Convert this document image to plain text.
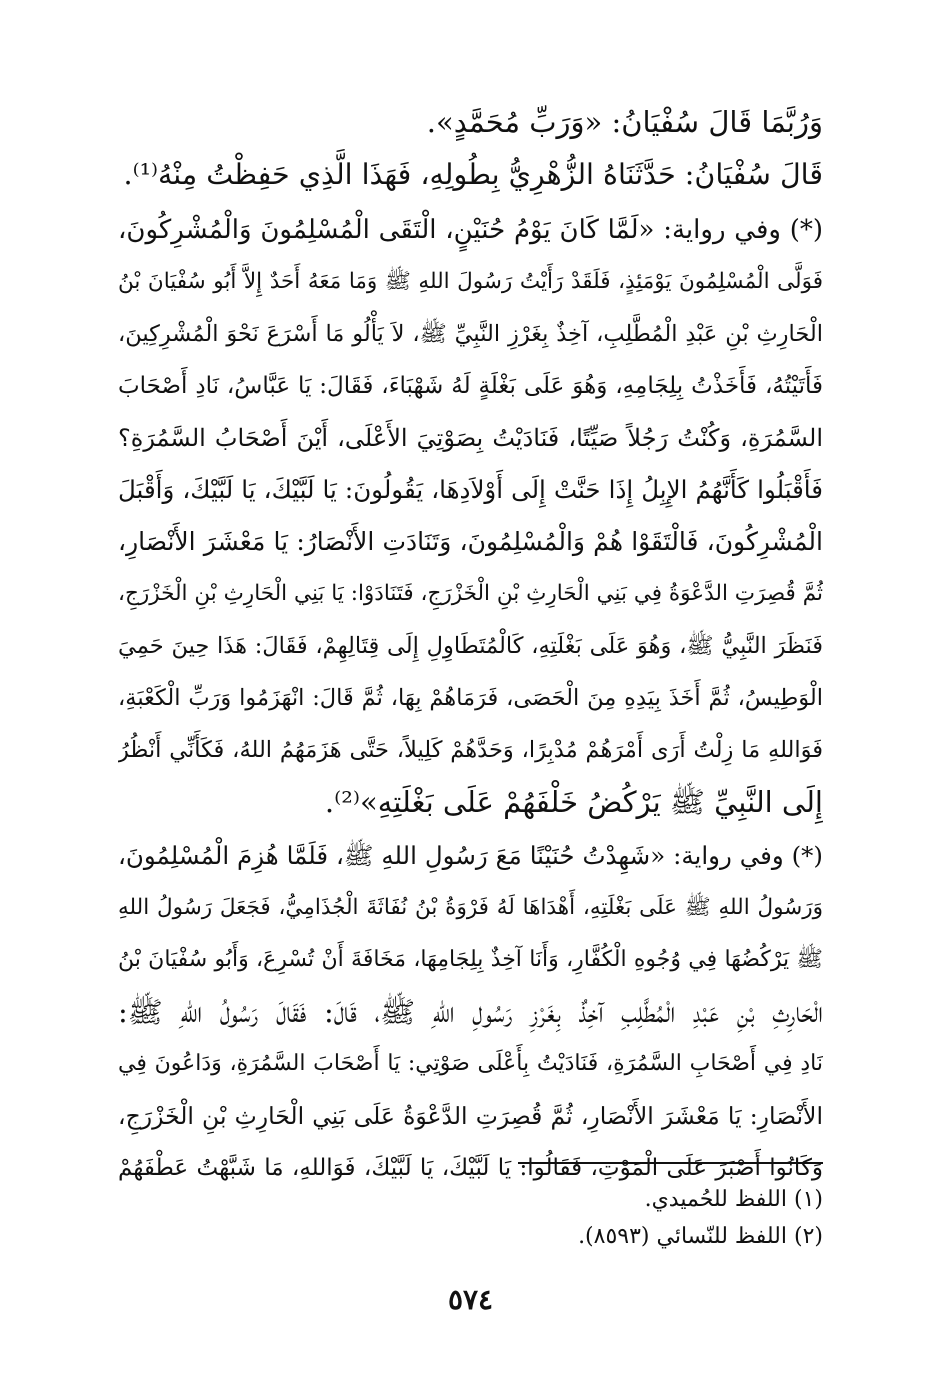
وَرُبَّمَا قَالَ سُفْيَانُ: «وَرَبِّ مُحَمَّدٍ».
قَالَ سُفْيَانُ: حَدَّثَنَاهُ الزُّهْرِيُّ بِطُولِهِ، فَهَذَا الَّذِي حَفِظْتُ مِنْهُ⁽¹⁾.
(*) وفي رواية: «لَمَّا كَانَ يَوْمُ حُنَيْنٍ، الْتَقَى الْمُسْلِمُونَ وَالْمُشْرِكُونَ،
فَوَلَّى الْمُسْلِمُونَ يَوْمَئِذٍ، فَلَقَدْ رَأَيْتُ رَسُولَ اللهِ ﷺ وَمَا مَعَهُ أَحَدٌ إِلاَّ أَبُو سُفْيَانَ بْنُ
الْحَارِثِ بْنِ عَبْدِ الْمُطَّلِبِ، آخِذٌ بِغَرْزِ النَّبِيِّ ﷺ، لاَ يَأْلُو مَا أَسْرَعَ نَحْوَ الْمُشْرِكِينَ،
فَأَتَيْتُهُ، فَأَخَذْتُ بِلِجَامِهِ، وَهُوَ عَلَى بَغْلَةٍ لَهُ شَهْبَاءَ، فَقَالَ: يَا عَبَّاسُ، نَادِ أَصْحَابَ
السَّمُرَةِ، وَكُنْتُ رَجُلاً صَيِّتًا، فَنَادَيْتُ بِصَوْتِيَ الأَعْلَى، أَيْنَ أَصْحَابُ السَّمُرَةِ؟
فَأَقْبَلُوا كَأَنَّهُمُ الإِبِلُ إِذَا حَنَّتْ إِلَى أَوْلاَدِهَا، يَقُولُونَ: يَا لَبَّيْكَ، يَا لَبَّيْكَ، وَأَقْبَلَ
الْمُشْرِكُونَ، فَالْتَقَوْا هُمْ وَالْمُسْلِمُونَ، وَتَنَادَتِ الأَنْصَارُ: يَا مَعْشَرَ الأَنْصَارِ،
ثُمَّ قُصِرَتِ الدَّعْوَةُ فِي بَنِي الْحَارِثِ بْنِ الْخَزْرَجِ، فَتَنَادَوْا: يَا بَنِي الْحَارِثِ بْنِ الْخَزْرَجِ،
فَنَظَرَ النَّبِيُّ ﷺ، وَهُوَ عَلَى بَغْلَتِهِ، كَالْمُتَطَاوِلِ إِلَى قِتَالِهِمْ، فَقَالَ: هَذَا حِينَ حَمِيَ
الْوَطِيسُ، ثُمَّ أَخَذَ بِيَدِهِ مِنَ الْحَصَى، فَرَمَاهُمْ بِهَا، ثُمَّ قَالَ: انْهَزَمُوا وَرَبِّ الْكَعْبَةِ،
فَوَاللهِ مَا زِلْتُ أَرَى أَمْرَهُمْ مُدْبِرًا، وَحَدَّهُمْ كَلِيلاً، حَتَّى هَزَمَهُمُ اللهُ، فَكَأَنِّي أَنْظُرُ
إِلَى النَّبِيِّ ﷺ يَرْكُضُ خَلْفَهُمْ عَلَى بَغْلَتِهِ»⁽²⁾.
(*) وفي رواية: «شَهِدْتُ حُنَيْنًا مَعَ رَسُولِ اللهِ ﷺ، فَلَمَّا هُزِمَ الْمُسْلِمُونَ،
وَرَسُولُ اللهِ ﷺ عَلَى بَغْلَتِهِ، أَهْدَاهَا لَهُ فَرْوَةُ بْنُ نُفَاثَةَ الْجُذَامِيُّ، فَجَعَلَ رَسُولُ اللهِ
ﷺ يَرْكُضُهَا فِي وُجُوهِ الْكُفَّارِ، وَأَنَا آخِذٌ بِلِجَامِهَا، مَخَافَةَ أَنْ تُسْرِعَ، وَأَبُو سُفْيَانَ بْنُ
الْحَارِثِ بْنِ عَبْدِ الْمُطَّلِبِ آخِذٌ بِغَرْزِ رَسُولِ اللهِ ﷺ، قَالَ: فَقَالَ رَسُولُ اللهِ ﷺ:
نَادِ فِي أَصْحَابِ السَّمُرَةِ، فَنَادَيْتُ بِأَعْلَى صَوْتِي: يَا أَصْحَابَ السَّمُرَةِ، وَدَاعُونَ فِي
الأَنْصَارِ: يَا مَعْشَرَ الأَنْصَارِ، ثُمَّ قُصِرَتِ الدَّعْوَةُ عَلَى بَنِي الْحَارِثِ بْنِ الْخَزْرَجِ،
وَكَانُوا أَصْبَرَ عَلَى الْمَوْتِ، فَقَالُوا: يَا لَبَّيْكَ، يَا لَبَّيْكَ، فَوَاللهِ، مَا شَبَّهْتُ عَطْفَهُمْ
(١) اللفظ للحُميدي.
(٢) اللفظ للنّسائي (٨٥٩٣).
٥٧٤
